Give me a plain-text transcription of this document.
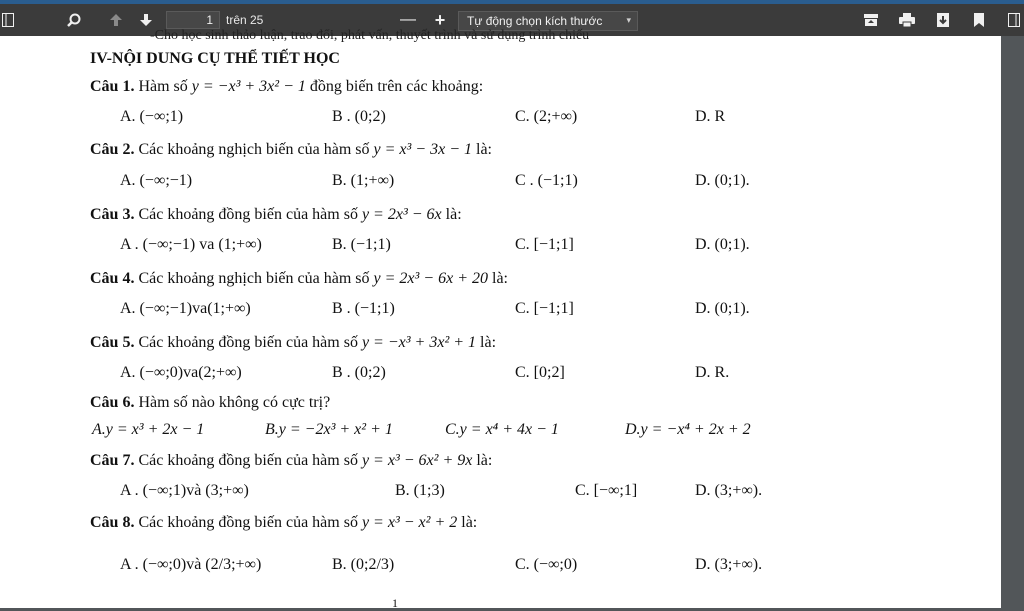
1	trên 25	— +	Tự động chọn kích thước	▾
-Cho học sinh thảo luận, trao đổi, phát vấn, thuyết trình và sử dụng trình chiếu
IV-NỘI DUNG CỤ THỂ TIẾT HỌC
Câu 1. Hàm số y = −x³ + 3x² − 1 đồng biến trên các khoảng:
A. (−∞;1)	B . (0;2)	C. (2;+∞)	D. R
Câu 2. Các khoảng nghịch biến của hàm số y = x³ − 3x − 1 là:
A. (−∞;−1)	B. (1;+∞)	C . (−1;1)	D. (0;1).
Câu 3. Các khoảng đồng biến của hàm số y = 2x³ − 6x là:
A . (−∞;−1) va (1;+∞)	B. (−1;1)	C. [−1;1]	D. (0;1).
Câu 4. Các khoảng nghịch biến của hàm số y = 2x³ − 6x + 20 là:
A. (−∞;−1)va(1;+∞)	B . (−1;1)	C. [−1;1]	D. (0;1).
Câu 5. Các khoảng đồng biến của hàm số y = −x³ + 3x² + 1 là:
A. (−∞;0)va(2;+∞)	B . (0;2)	C. [0;2]	D. R.
Câu 6. Hàm số nào không có cực trị?
A.y = x³ + 2x − 1	B.y = −2x³ + x² + 1	C.y = x⁴ + 4x − 1	D.y = −x⁴ + 2x + 2
Câu 7. Các khoảng đồng biến của hàm số y = x³ − 6x² + 9x là:
A . (−∞;1)và (3;+∞)	B. (1;3)	C. [−∞;1]	D. (3;+∞).
Câu 8. Các khoảng đồng biến của hàm số y = x³ − x² + 2 là:
A . (−∞;0)và (2/3;+∞)	B. (0;2/3)	C. (−∞;0)	D. (3;+∞).
1
